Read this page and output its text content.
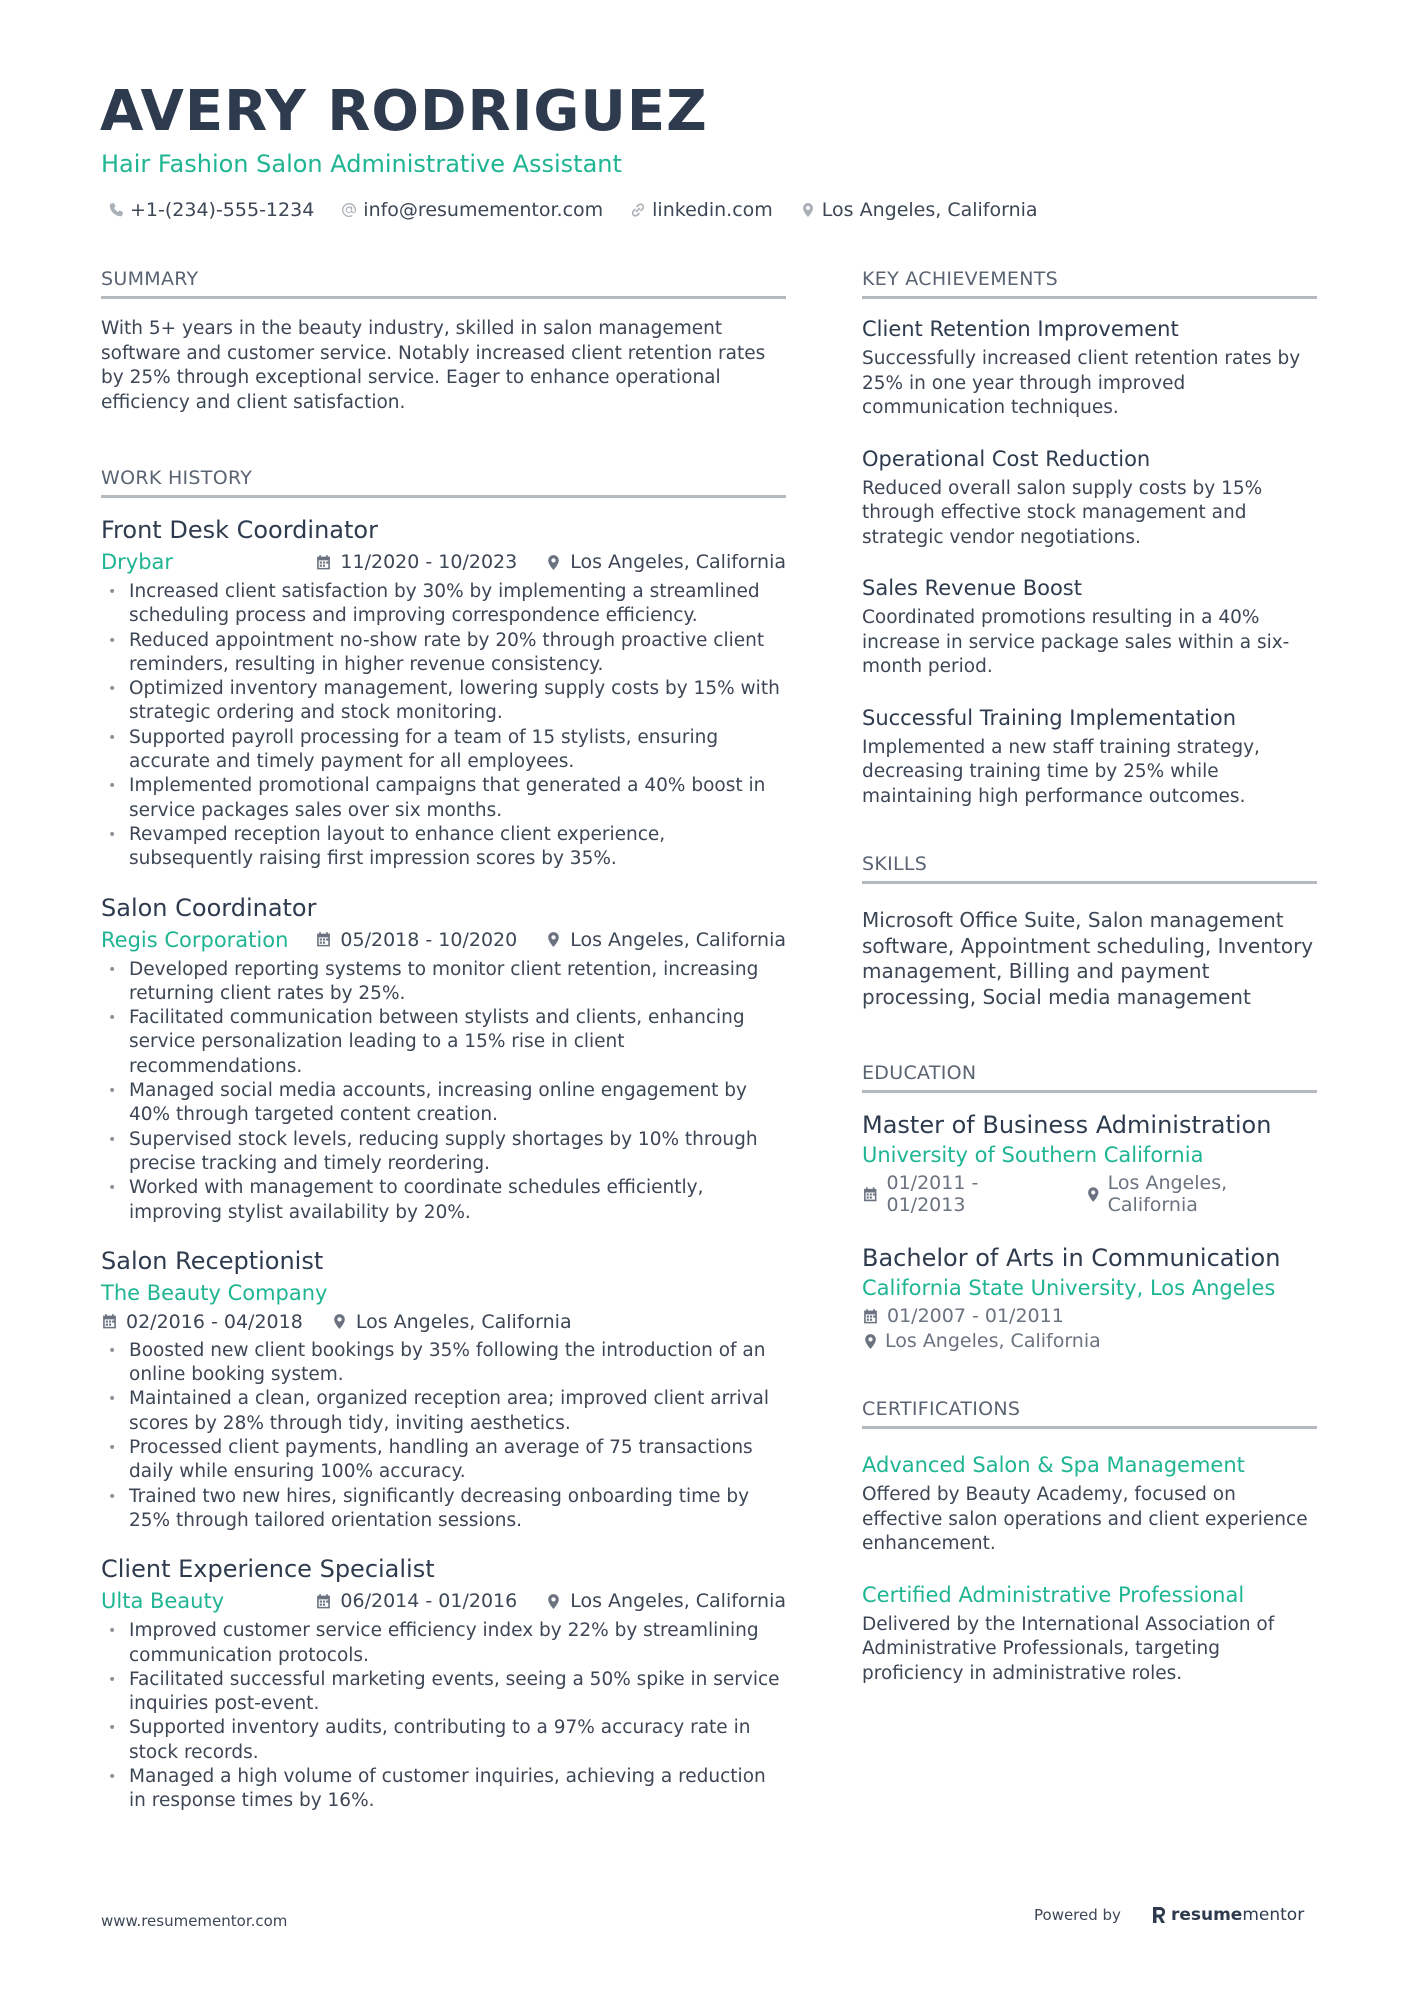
AVERY RODRIGUEZ
Hair Fashion Salon Administrative Assistant
+1-(234)-555-1234	info@resumementor.com	linkedin.com	Los Angeles, California
SUMMARY
With 5+ years in the beauty industry, skilled in salon management software and customer service. Notably increased client retention rates by 25% through exceptional service. Eager to enhance operational efficiency and client satisfaction.
WORK HISTORY
Front Desk Coordinator
Drybar	11/2020 - 10/2023	Los Angeles, California
• Increased client satisfaction by 30% by implementing a streamlined scheduling process and improving correspondence efficiency.
• Reduced appointment no-show rate by 20% through proactive client reminders, resulting in higher revenue consistency.
• Optimized inventory management, lowering supply costs by 15% with strategic ordering and stock monitoring.
• Supported payroll processing for a team of 15 stylists, ensuring accurate and timely payment for all employees.
• Implemented promotional campaigns that generated a 40% boost in service packages sales over six months.
• Revamped reception layout to enhance client experience, subsequently raising first impression scores by 35%.
Salon Coordinator
Regis Corporation	05/2018 - 10/2020	Los Angeles, California
• Developed reporting systems to monitor client retention, increasing returning client rates by 25%.
• Facilitated communication between stylists and clients, enhancing service personalization leading to a 15% rise in client recommendations.
• Managed social media accounts, increasing online engagement by 40% through targeted content creation.
• Supervised stock levels, reducing supply shortages by 10% through precise tracking and timely reordering.
• Worked with management to coordinate schedules efficiently, improving stylist availability by 20%.
Salon Receptionist
The Beauty Company
02/2016 - 04/2018	Los Angeles, California
• Boosted new client bookings by 35% following the introduction of an online booking system.
• Maintained a clean, organized reception area; improved client arrival scores by 28% through tidy, inviting aesthetics.
• Processed client payments, handling an average of 75 transactions daily while ensuring 100% accuracy.
• Trained two new hires, significantly decreasing onboarding time by 25% through tailored orientation sessions.
Client Experience Specialist
Ulta Beauty	06/2014 - 01/2016	Los Angeles, California
• Improved customer service efficiency index by 22% by streamlining communication protocols.
• Facilitated successful marketing events, seeing a 50% spike in service inquiries post-event.
• Supported inventory audits, contributing to a 97% accuracy rate in stock records.
• Managed a high volume of customer inquiries, achieving a reduction in response times by 16%.
KEY ACHIEVEMENTS
Client Retention Improvement
Successfully increased client retention rates by 25% in one year through improved communication techniques.
Operational Cost Reduction
Reduced overall salon supply costs by 15% through effective stock management and strategic vendor negotiations.
Sales Revenue Boost
Coordinated promotions resulting in a 40% increase in service package sales within a six-month period.
Successful Training Implementation
Implemented a new staff training strategy, decreasing training time by 25% while maintaining high performance outcomes.
SKILLS
Microsoft Office Suite, Salon management software, Appointment scheduling, Inventory management, Billing and payment processing, Social media management
EDUCATION
Master of Business Administration
University of Southern California
01/2011 - 01/2013
Los Angeles, California
Bachelor of Arts in Communication
California State University, Los Angeles
01/2007 - 01/2011
Los Angeles, California
CERTIFICATIONS
Advanced Salon & Spa Management
Offered by Beauty Academy, focused on effective salon operations and client experience enhancement.
Certified Administrative Professional
Delivered by the International Association of Administrative Professionals, targeting proficiency in administrative roles.
www.resumementor.com	Powered by	resume mentor
